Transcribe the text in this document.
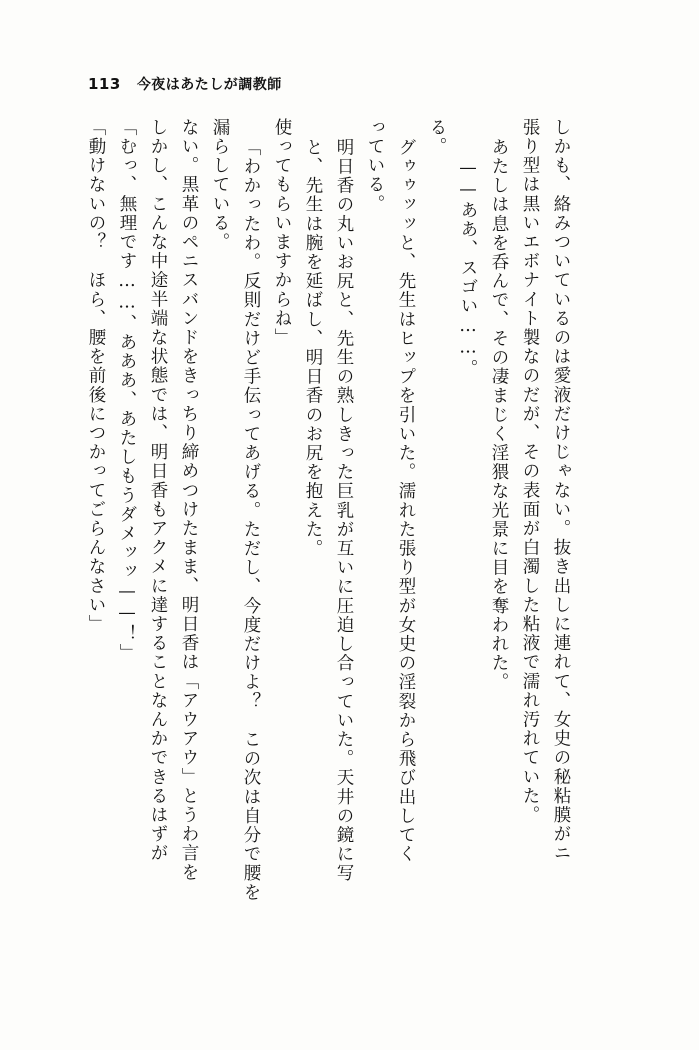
113 今夜はあたしが調教師
「動けないの？　ほら、腰を前後につかってごらんなさい」 「むっ、無理です……、あああ、あたしもうダメッッ——！」 しかし、こんな中途半端な状態では、明日香もアクメに達することなんかできるはずが ない。黒革のペニスバンドをきっちり締めつけたまま、明日香は「アウアウ」とうわ言を 漏らしている。 「わかったわ。反則だけど手伝ってあげる。ただし、今度だけよ？　この次は自分で腰を 使ってもらいますからね」 と、先生は腕を延ばし、明日香のお尻を抱えた。 明日香の丸いお尻と、先生の熟しきった巨乳が互いに圧迫し合っていた。天井の鏡に写 っている。 グゥゥッッと、先生はヒップを引いた。濡れた張り型が女史の淫裂から飛び出してく
る。
——ああ、スゴい……。 あたしは息を呑んで、その凄まじく淫猥な光景に目を奪われた。 張り型は黒いエボナイト製なのだが、その表面が白濁した粘液で濡れ汚れていた。 しかも、絡みついているのは愛液だけじゃない。抜き出しに連れて、女史の秘粘膜がニ
